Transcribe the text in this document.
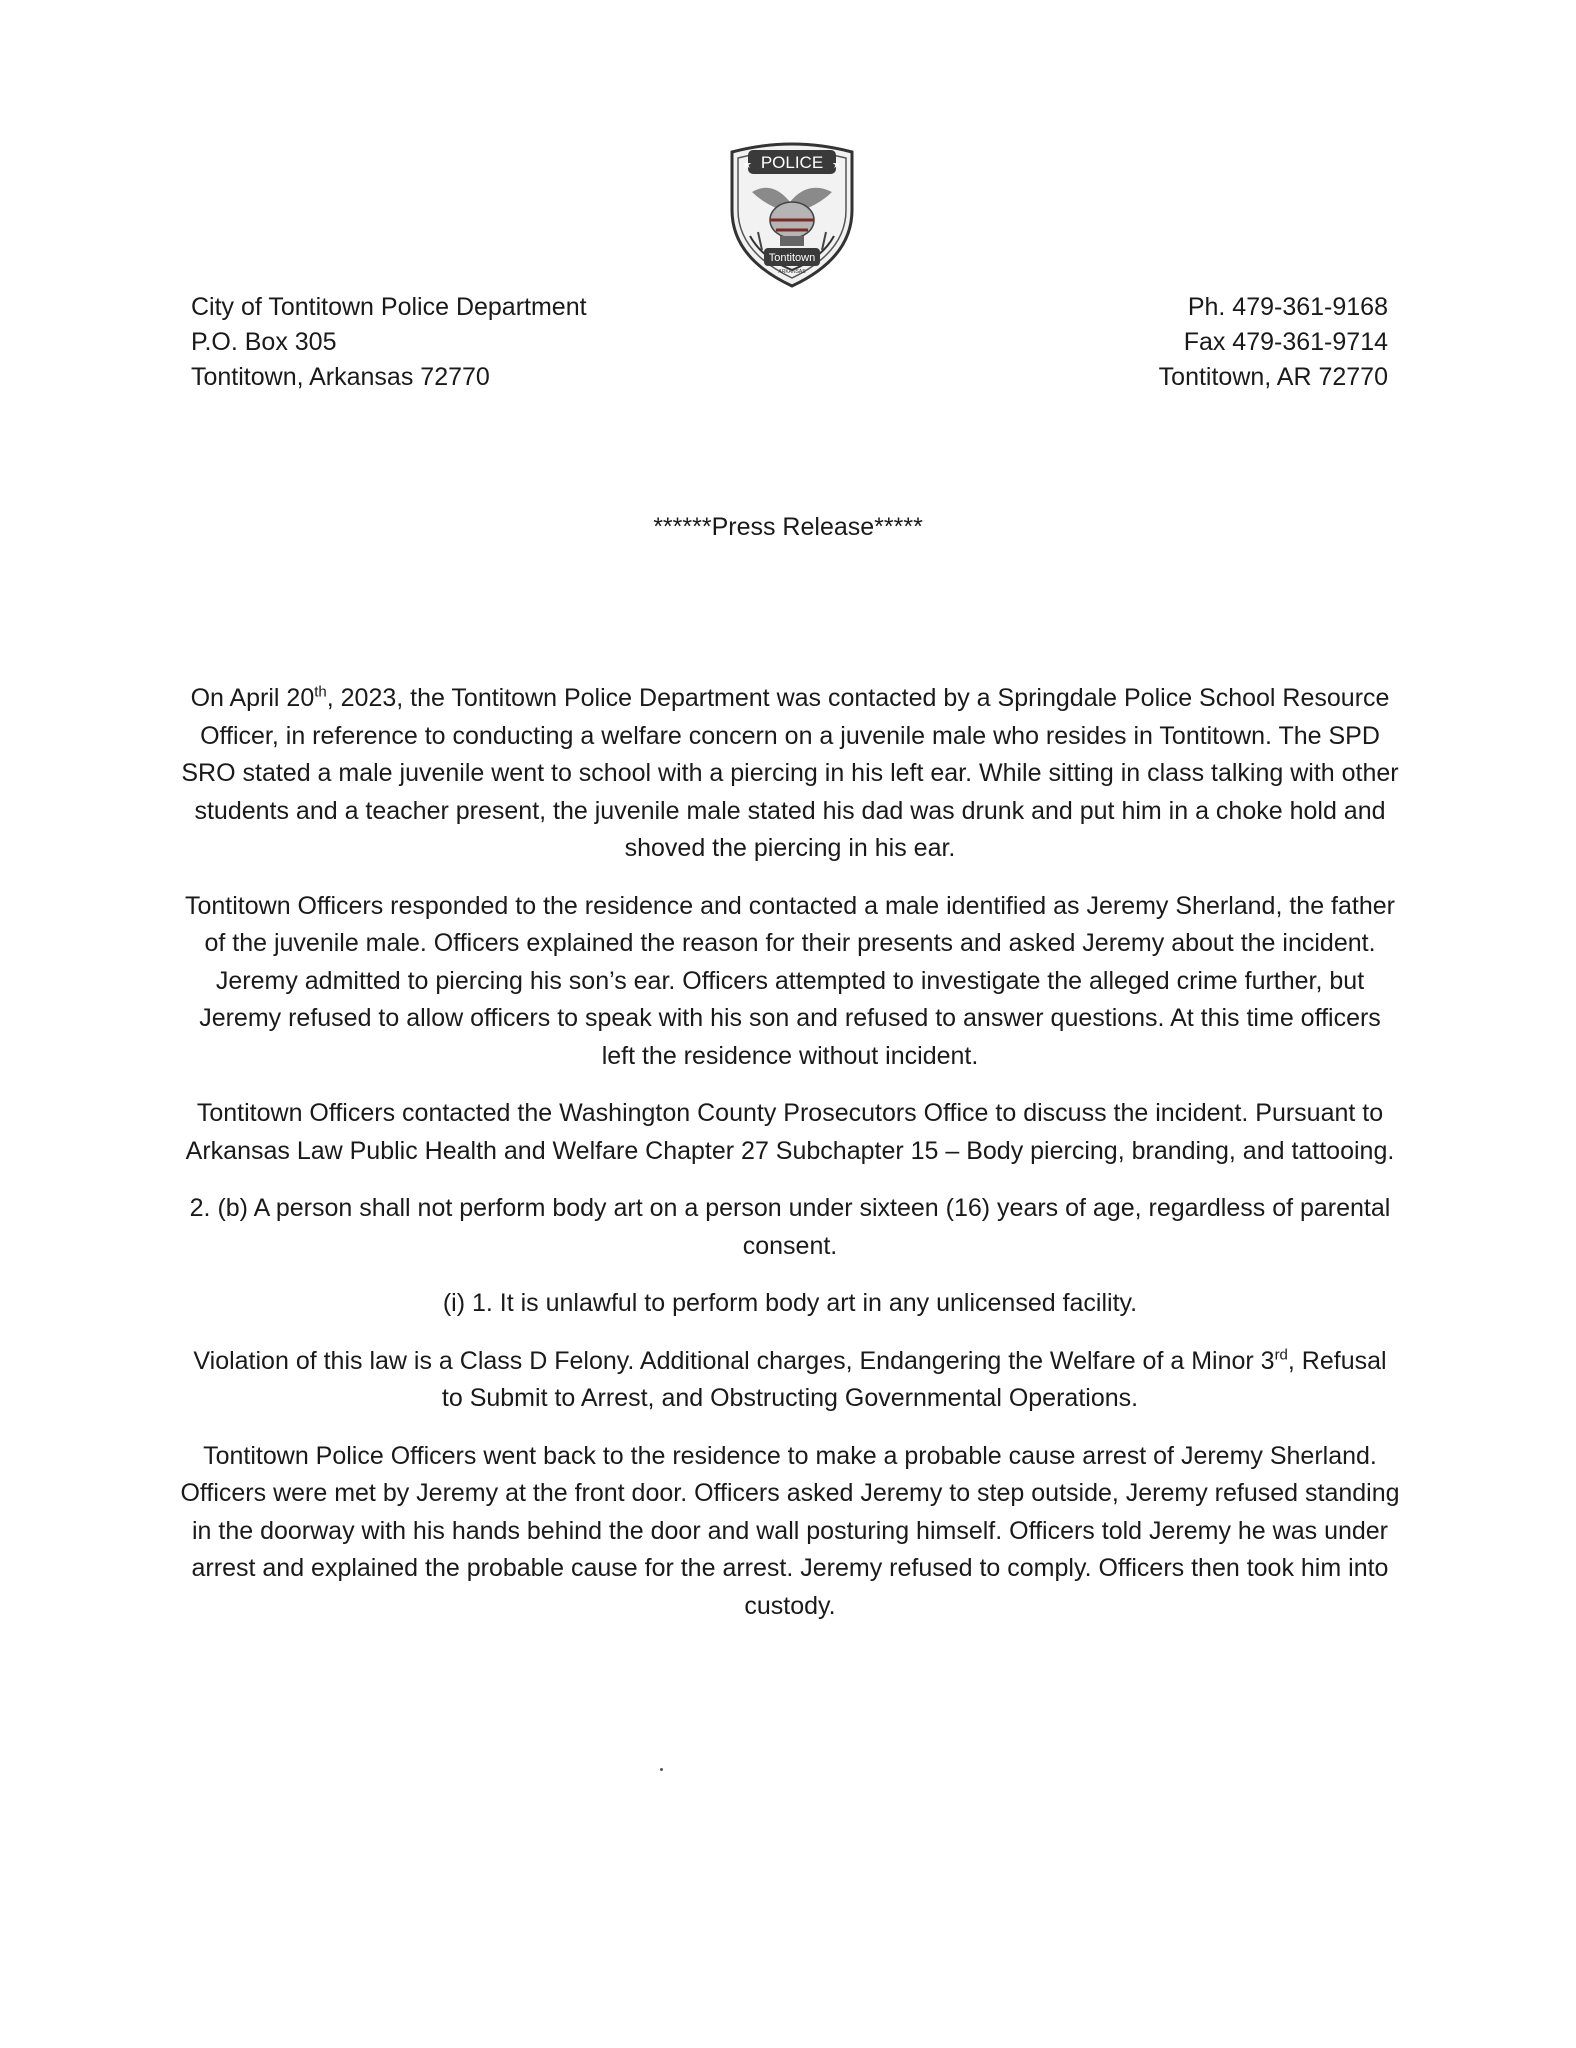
POLICE
★	★
Tontitown
ARKANSAS
City of Tontitown Police Department
P.O. Box 305
Tontitown, Arkansas 72770
Ph. 479-361-9168
Fax 479-361-9714
Tontitown, AR 72770
******Press Release*****

On April 20th, 2023, the Tontitown Police Department was contacted by a Springdale Police School Resource Officer, in reference to conducting a welfare concern on a juvenile male who resides in Tontitown. The SPD SRO stated a male juvenile went to school with a piercing in his left ear. While sitting in class talking with other students and a teacher present, the juvenile male stated his dad was drunk and put him in a choke hold and shoved the piercing in his ear.

Tontitown Officers responded to the residence and contacted a male identified as Jeremy Sherland, the father of the juvenile male. Officers explained the reason for their presents and asked Jeremy about the incident. Jeremy admitted to piercing his son’s ear. Officers attempted to investigate the alleged crime further, but Jeremy refused to allow officers to speak with his son and refused to answer questions. At this time officers left the residence without incident.

Tontitown Officers contacted the Washington County Prosecutors Office to discuss the incident. Pursuant to Arkansas Law Public Health and Welfare Chapter 27 Subchapter 15 – Body piercing, branding, and tattooing.

2. (b) A person shall not perform body art on a person under sixteen (16) years of age, regardless of parental consent.

(i) 1. It is unlawful to perform body art in any unlicensed facility.

Violation of this law is a Class D Felony. Additional charges, Endangering the Welfare of a Minor 3rd, Refusal to Submit to Arrest, and Obstructing Governmental Operations.

Tontitown Police Officers went back to the residence to make a probable cause arrest of Jeremy Sherland. Officers were met by Jeremy at the front door. Officers asked Jeremy to step outside, Jeremy refused standing in the doorway with his hands behind the door and wall posturing himself. Officers told Jeremy he was under arrest and explained the probable cause for the arrest. Jeremy refused to comply. Officers then took him into custody.
